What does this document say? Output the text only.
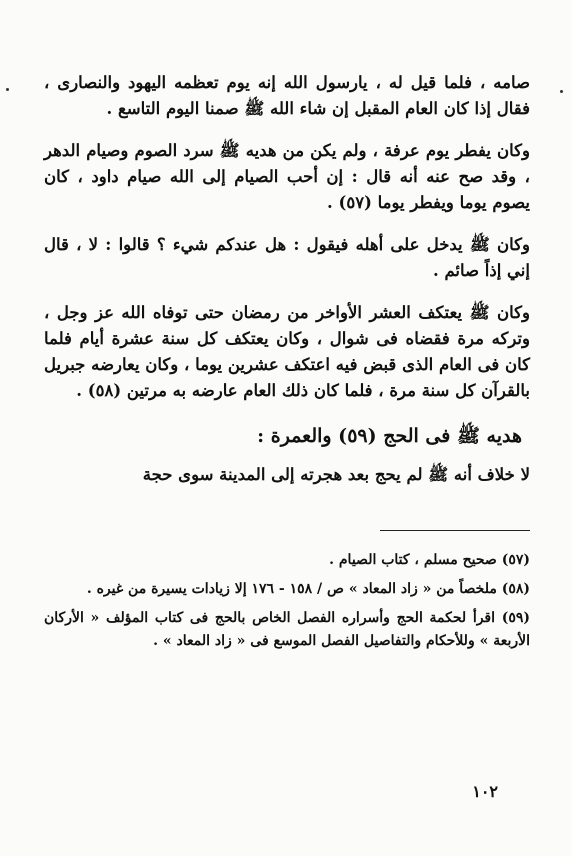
صامه ، فلما قيل له ، يارسول الله إنه يوم تعظمه اليهود والنصارى ، فقال إذا كان العام المقبل إن شاء الله ﷺ صمنا اليوم التاسع .

وكان يفطر يوم عرفة ، ولم يكن من هديه ﷺ سرد الصوم وصيام الدهر ، وقد صح عنه أنه قال : إن أحب الصيام إلى الله صيام داود ، كان يصوم يوما ويفطر يوما (٥٧) .

وكان ﷺ يدخل على أهله فيقول : هل عندكم شيء ؟ قالوا : لا ، قال إني إذاً صائم .

وكان ﷺ يعتكف العشر الأواخر من رمضان حتى توفاه الله عز وجل ، وتركه مرة فقضاه فى شوال ، وكان يعتكف كل سنة عشرة أيام فلما كان فى العام الذى قبض فيه اعتكف عشرين يوما ، وكان يعارضه جبريل بالقرآن كل سنة مرة ، فلما كان ذلك العام عارضه به مرتين (٥٨) .

هديه ﷺ فى الحج (٥٩) والعمرة :

لا خلاف أنه ﷺ لم يحج بعد هجرته إلى المدينة سوى حجة

(٥٧) صحيح مسلم ، كتاب الصيام .

(٥٨) ملخصاً من « زاد المعاد » ص / ١٥٨ - ١٧٦ إلا زيادات يسيرة من غيره .

(٥٩) اقرأ لحكمة الحج وأسراره الفصل الخاص بالحج فى كتاب المؤلف « الأركان الأربعة » وللأحكام والتفاصيل الفصل الموسع فى « زاد المعاد » .

١٠٢
